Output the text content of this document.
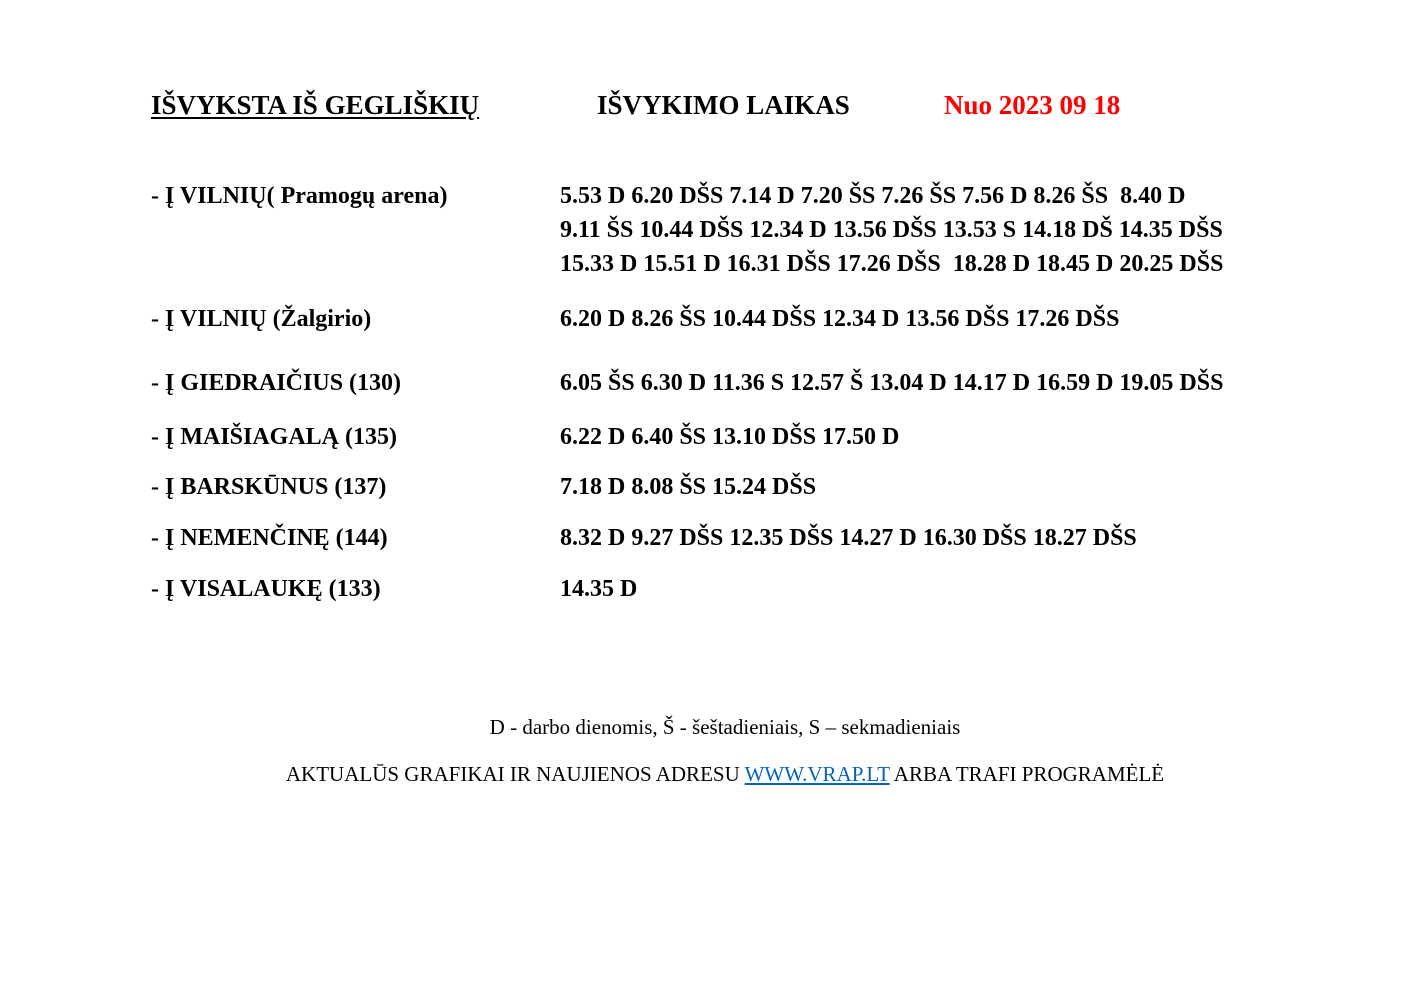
IŠVYKSTA IŠ GEGLIŠKIŲ	IŠVYKIMO LAIKAS	Nuo 2023 09 18
- Į VILNIŲ( Pramogų arena)	5.53 D 6.20 DŠS 7.14 D 7.20 ŠS 7.26 ŠS 7.56 D 8.26 ŠS  8.40 D
9.11 ŠS 10.44 DŠS 12.34 D 13.56 DŠS 13.53 S 14.18 DŠ 14.35 DŠS
15.33 D 15.51 D 16.31 DŠS 17.26 DŠS  18.28 D 18.45 D 20.25 DŠS
- Į VILNIŲ (Žalgirio)	6.20 D 8.26 ŠS 10.44 DŠS 12.34 D 13.56 DŠS 17.26 DŠS
- Į GIEDRAIČIUS (130)	6.05 ŠS 6.30 D 11.36 S 12.57 Š 13.04 D 14.17 D 16.59 D 19.05 DŠS
- Į MAIŠIAGALĄ (135)	6.22 D 6.40 ŠS 13.10 DŠS 17.50 D
- Į BARSKŪNUS (137)	7.18 D 8.08 ŠS 15.24 DŠS
- Į NEMENČINĘ (144)	8.32 D 9.27 DŠS 12.35 DŠS 14.27 D 16.30 DŠS 18.27 DŠS
- Į VISALAUKĘ (133)	14.35 D
D - darbo dienomis, Š - šeštadieniais, S – sekmadieniais
AKTUALŪS GRAFIKAI IR NAUJIENOS ADRESU WWW.VRAP.LT ARBA TRAFI PROGRAMĖLĖ
